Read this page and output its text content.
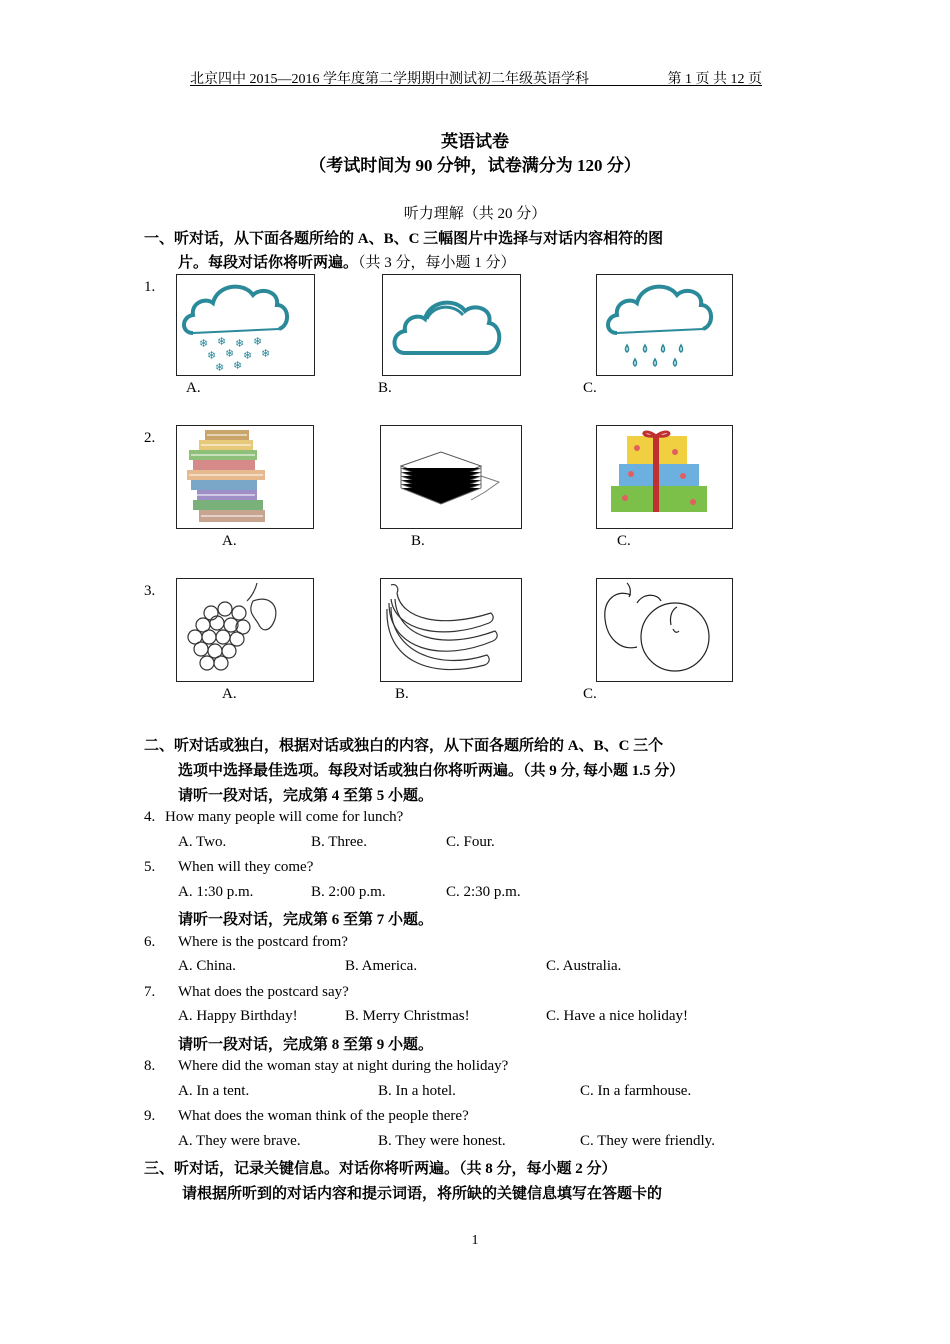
北京四中 2015—2016 学年度第二学期期中测试初二年级英语学科	第 1 页 共 12 页
英语试卷
（考试时间为 90 分钟，试卷满分为 120 分）
听力理解（共 20 分）
一、听对话，从下面各题所给的 A、B、C 三幅图片中选择与对话内容相符的图
片。每段对话你将听两遍。（共 3 分，每小题 1 分）
1.
❄ ❄ ❄ ❄
❄ ❄ ❄ ❄
❄ ❄
A.	B.	C.
2.
A.	B.	C.
3.
A.	B.	C.
二、听对话或独白，根据对话或独白的内容，从下面各题所给的 A、B、C 三个
选项中选择最佳选项。每段对话或独白你将听两遍。（共 9 分, 每小题 1.5 分）
请听一段对话，完成第 4 至第 5 小题。
4. How many people will come for lunch?
A. Two.	B. Three.	C. Four.
5. When will they come?
A. 1:30 p.m.	B. 2:00 p.m.	C. 2:30 p.m.
请听一段对话，完成第 6 至第 7 小题。
6. Where is the postcard from?
A. China.	B. America.	C. Australia.
7. What does the postcard say?
A. Happy Birthday!	B. Merry Christmas!	C. Have a nice holiday!
请听一段对话，完成第 8 至第 9 小题。
8. Where did the woman stay at night during the holiday?
A. In a tent.	B. In a hotel.	C. In a farmhouse.
9. What does the woman think of the people there?
A. They were brave.	B. They were honest.	C. They were friendly.
三、听对话，记录关键信息。对话你将听两遍。（共 8 分，每小题 2 分）
请根据所听到的对话内容和提示词语，将所缺的关键信息填写在答题卡的
1
